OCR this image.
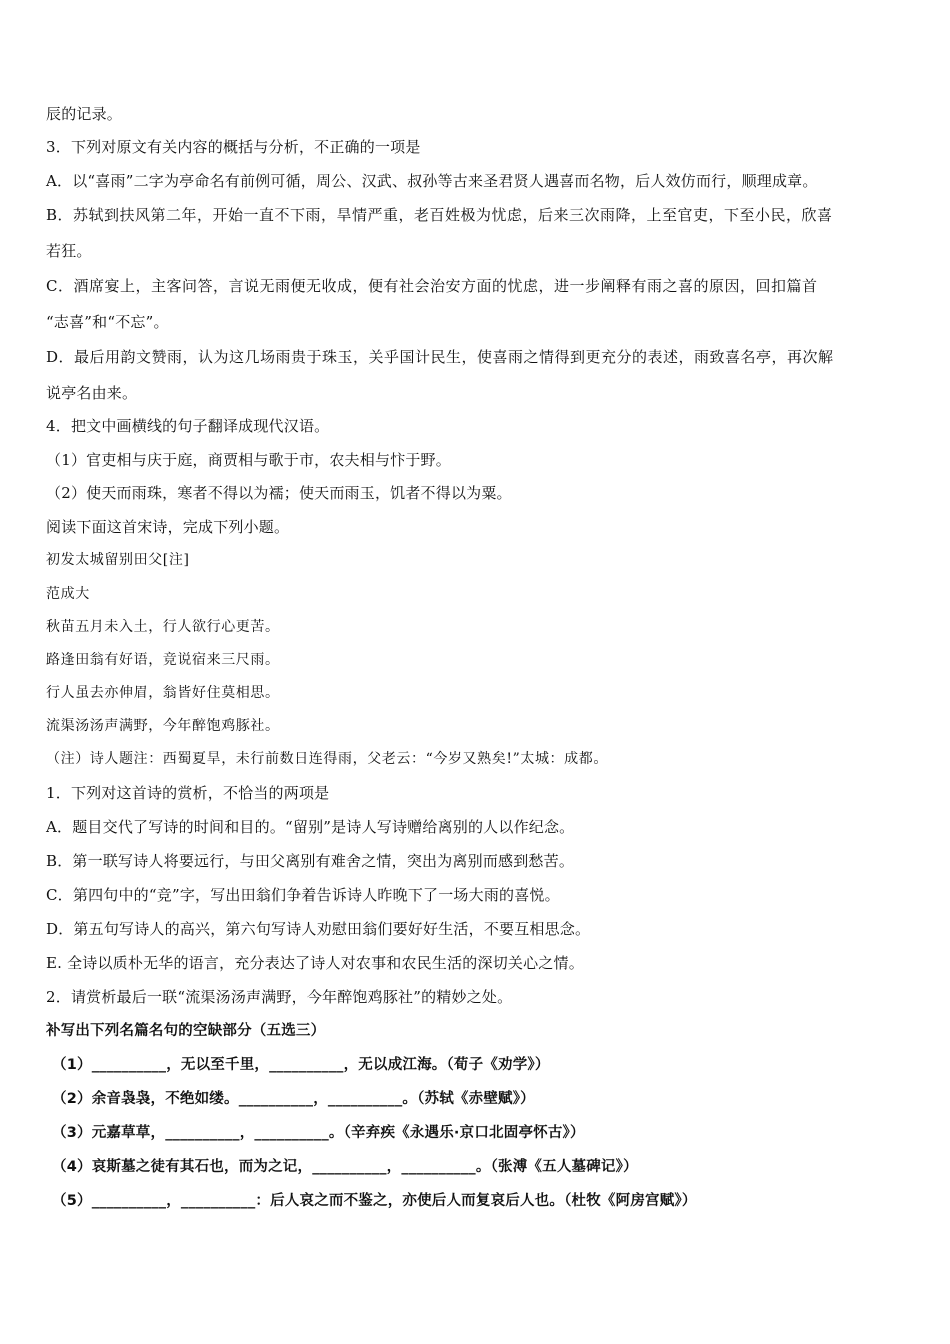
辰的记录。
3．下列对原文有关内容的概括与分析，不正确的一项是
A．以“喜雨”二字为亭命名有前例可循，周公、汉武、叔孙等古来圣君贤人遇喜而名物，后人效仿而行，顺理成章。
B．苏轼到扶风第二年，开始一直不下雨，旱情严重，老百姓极为忧虑，后来三次雨降，上至官吏，下至小民，欣喜
若狂。
C．酒席宴上，主客问答，言说无雨便无收成，便有社会治安方面的忧虑，进一步阐释有雨之喜的原因，回扣篇首
“志喜”和“不忘”。
D．最后用韵文赞雨，认为这几场雨贵于珠玉，关乎国计民生，使喜雨之情得到更充分的表述，雨致喜名亭，再次解
说亭名由来。
4．把文中画横线的句子翻译成现代汉语。
（1）官吏相与庆于庭，商贾相与歌于市，农夫相与忭于野。
（2）使天而雨珠，寒者不得以为襦；使天而雨玉，饥者不得以为粟。
阅读下面这首宋诗，完成下列小题。
初发太城留别田父[注]
范成大
秋苗五月未入土，行人欲行心更苦。
路逢田翁有好语，竞说宿来三尺雨。
行人虽去亦伸眉，翁皆好住莫相思。
流渠汤汤声满野，今年醉饱鸡豚社。
（注）诗人题注：西蜀夏旱，未行前数日连得雨，父老云：“今岁又熟矣!”太城：成都。
1．下列对这首诗的赏析，不恰当的两项是
A．题目交代了写诗的时间和目的。“留别”是诗人写诗赠给离别的人以作纪念。
B．第一联写诗人将要远行，与田父离别有难舍之情，突出为离别而感到愁苦。
C．第四句中的“竞”字，写出田翁们争着告诉诗人昨晚下了一场大雨的喜悦。
D．第五句写诗人的高兴，第六句写诗人劝慰田翁们要好好生活，不要互相思念。
E. 全诗以质朴无华的语言，充分表达了诗人对农事和农民生活的深切关心之情。
2．请赏析最后一联“流渠汤汤声满野，今年醉饱鸡豚社”的精妙之处。
补写出下列名篇名句的空缺部分（五选三）
（1）__________，无以至千里，__________，无以成江海。（荀子《劝学》）
（2）余音袅袅，不绝如缕。__________，__________。（苏轼《赤壁赋》）
（3）元嘉草草，__________，__________。（辛弃疾《永遇乐·京口北固亭怀古》）
（4）哀斯墓之徒有其石也，而为之记，__________，__________。（张溥《五人墓碑记》）
（5）__________，__________：后人哀之而不鉴之，亦使后人而复哀后人也。（杜牧《阿房宫赋》）
